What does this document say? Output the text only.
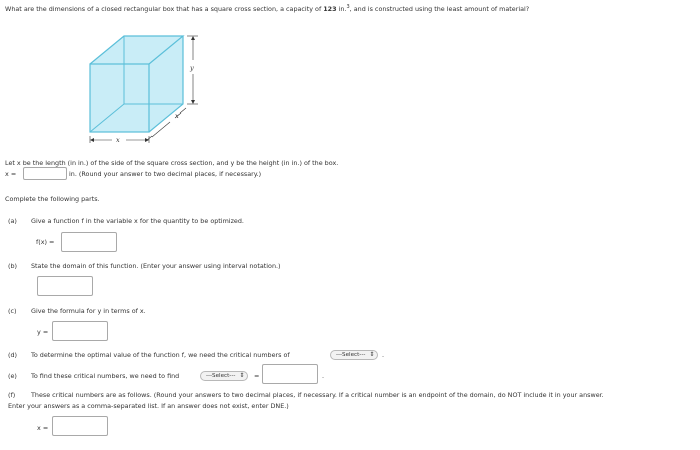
What are the dimensions of a closed rectangular box that has a square cross section, a capacity of 123 in.$^3$, and is constructed using the least amount of material?
y
x
x
Let x be the length (in in.) of the side of the square cross section, and y be the height (in in.) of the box.
x =	in. (Round your answer to two decimal places, if necessary.)
Complete the following parts.
(a) Give a function f in the variable x for the quantity to be optimized.
f(x) =
(b) State the domain of this function. (Enter your answer using interval notation.)
(c) Give the formula for y in terms of x.
y =
(d) To determine the optimal value of the function f, we need the critical numbers of	---Select--- ⇕ .
(e) To find these critical numbers, we need to find	---Select--- ⇕ =	.
(f) These critical numbers are as follows. (Round your answers to two decimal places, if necessary. If a critical number is an endpoint of the domain, do NOT include it in your answer.
Enter your answers as a comma-separated list. If an answer does not exist, enter DNE.)
x =
